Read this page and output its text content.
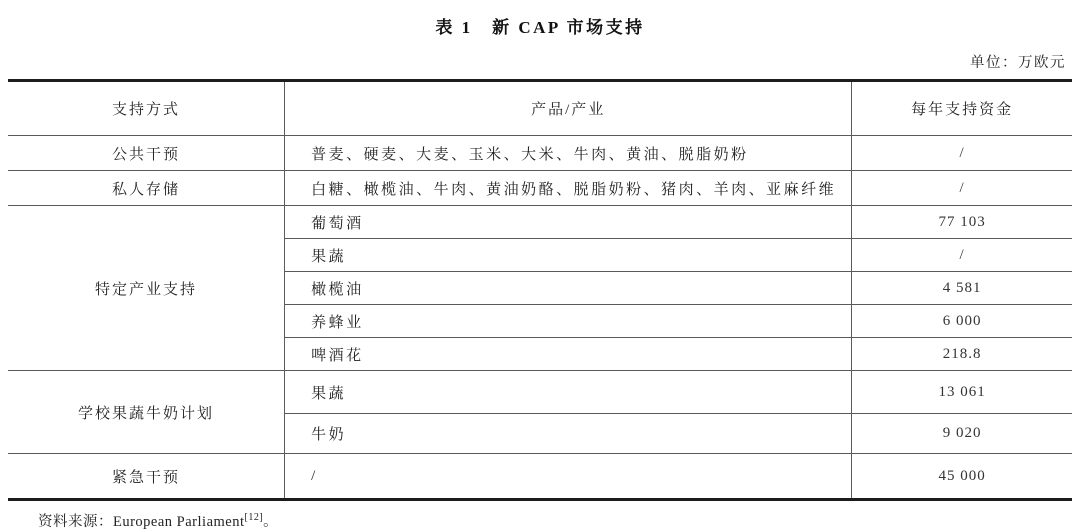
表 1　新 CAP 市场支持
单位：万欧元
支持方式	产品/产业	每年支持资金
公共干预	普麦、硬麦、大麦、玉米、大米、牛肉、黄油、脱脂奶粉	/
私人存储	白糖、橄榄油、牛肉、黄油奶酪、脱脂奶粉、猪肉、羊肉、亚麻纤维	/
特定产业支持	葡萄酒	77 103
	果蔬	/
	橄榄油	4 581
	养蜂业	6 000
	啤酒花	218.8
学校果蔬牛奶计划	果蔬	13 061
	牛奶	9 020
紧急干预	/	45 000
资料来源：European Parliament[12]。
